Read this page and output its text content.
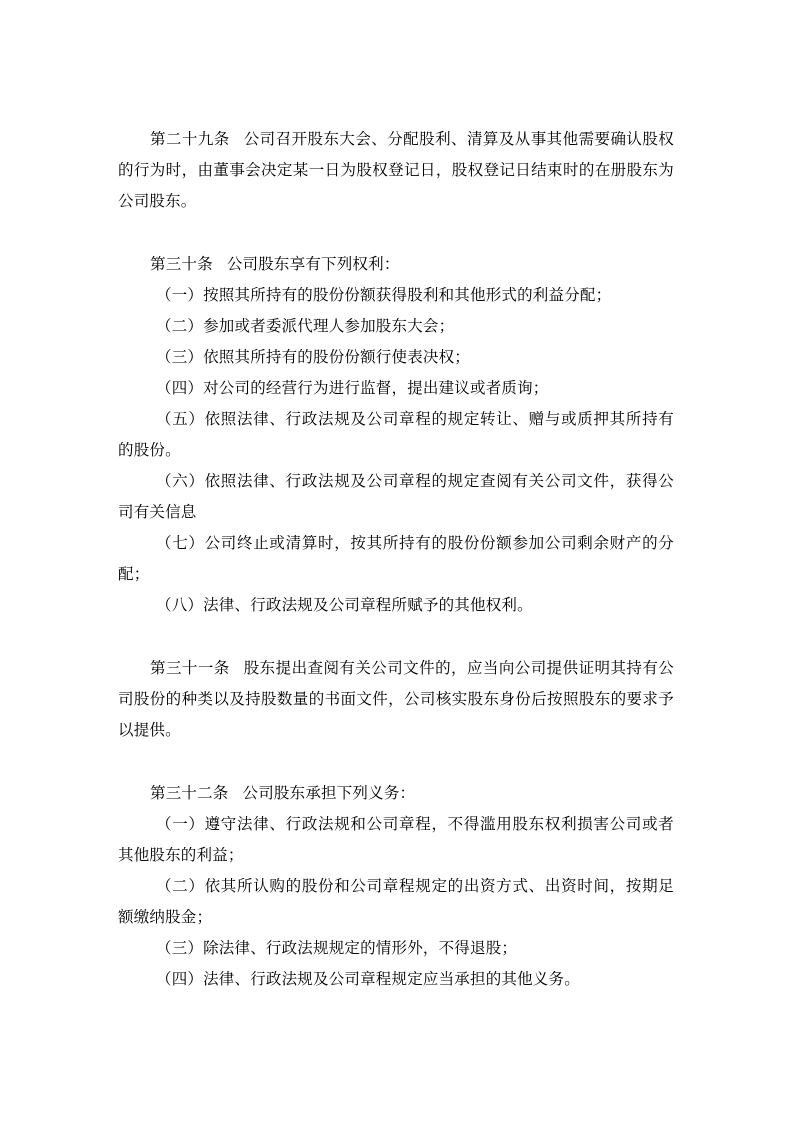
第二十九条 公司召开股东大会、分配股利、清算及从事其他需要确认股权的行为时，由董事会决定某一日为股权登记日，股权登记日结束时的在册股东为公司股东。

第三十条 公司股东享有下列权利：

（一）按照其所持有的股份份额获得股利和其他形式的利益分配；

（二）参加或者委派代理人参加股东大会；

（三）依照其所持有的股份份额行使表决权；

（四）对公司的经营行为进行监督，提出建议或者质询；

（五）依照法律、行政法规及公司章程的规定转让、赠与或质押其所持有的股份。

（六）依照法律、行政法规及公司章程的规定查阅有关公司文件，获得公司有关信息

（七）公司终止或清算时，按其所持有的股份份额参加公司剩余财产的分配；

（八）法律、行政法规及公司章程所赋予的其他权利。

第三十一条 股东提出查阅有关公司文件的，应当向公司提供证明其持有公司股份的种类以及持股数量的书面文件，公司核实股东身份后按照股东的要求予以提供。

第三十二条 公司股东承担下列义务：

（一）遵守法律、行政法规和公司章程，不得滥用股东权利损害公司或者其他股东的利益；

（二）依其所认购的股份和公司章程规定的出资方式、出资时间，按期足额缴纳股金；

（三）除法律、行政法规规定的情形外，不得退股；

（四）法律、行政法规及公司章程规定应当承担的其他义务。
